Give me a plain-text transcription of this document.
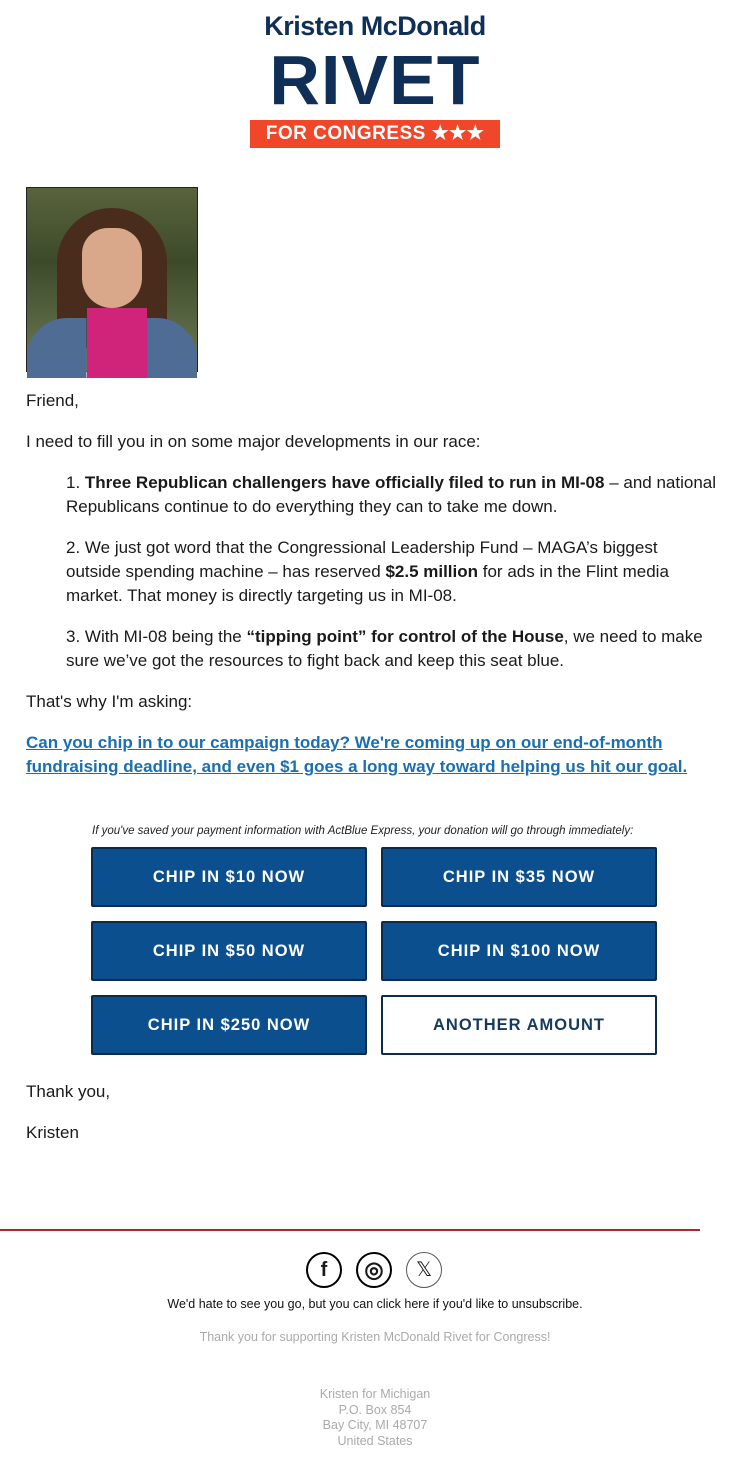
Kristen McDonald
RIVET
FOR CONGRESS ★★★

Friend,

I need to fill you in on some major developments in our race:

1. Three Republican challengers have officially filed to run in MI-08 – and national Republicans continue to do everything they can to take me down.

2. We just got word that the Congressional Leadership Fund – MAGA’s biggest outside spending machine – has reserved $2.5 million for ads in the Flint media market. That money is directly targeting us in MI-08.

3. With MI-08 being the “tipping point” for control of the House, we need to make sure we’ve got the resources to fight back and keep this seat blue.

That's why I'm asking:

Can you chip in to our campaign today? We're coming up on our end-of-month fundraising deadline, and even $1 goes a long way toward helping us hit our goal.

If you've saved your payment information with ActBlue Express, your donation will go through immediately:
CHIP IN $10 NOW	CHIP IN $35 NOW
CHIP IN $50 NOW	CHIP IN $100 NOW
CHIP IN $250 NOW	ANOTHER AMOUNT

Thank you,

Kristen

f	◎	𝕏
We'd hate to see you go, but you can click here if you'd like to unsubscribe.
Thank you for supporting Kristen McDonald Rivet for Congress!
Kristen for Michigan
P.O. Box 854
Bay City, MI 48707
United States
